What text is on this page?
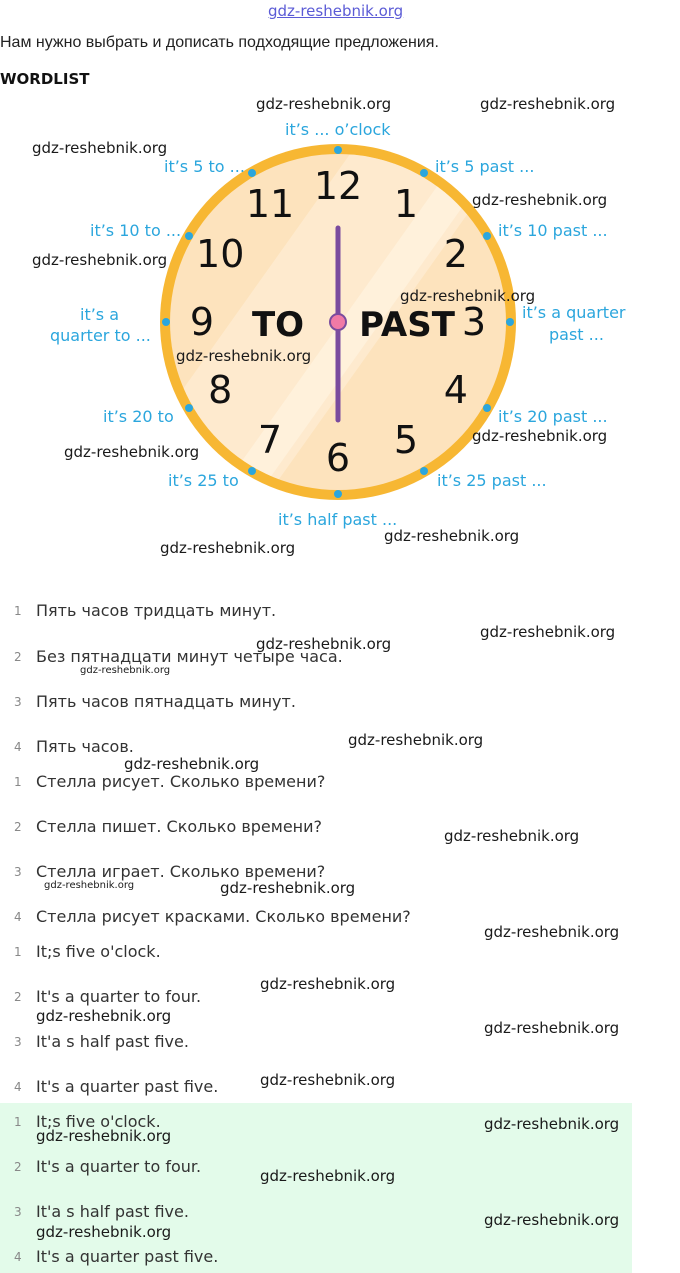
gdz-reshebnik.org
Нам нужно выбрать и дописать подходящие предложения.
WORDLIST
12 1
2
3
4
5
6
7
8
9
10
11
TO PAST
it’s ... o’clock
it’s 5 past ...
it’s 10 past ...
it’s a quarter
past ...
it’s 20 past ...
it’s 25 past ...
it’s half past ...
it’s 25 to
it’s 20 to
it’s a
quarter to ...
it’s 10 to ...
it’s 5 to ...
1 Пять часов тридцать минут.
2 Без пятнадцати минут четыре часа.
3 Пять часов пятнадцать минут.
4 Пять часов.
1 Стелла рисует. Сколько времени?
2 Стелла пишет. Сколько времени?
3 Стелла играет. Сколько времени?
4 Стелла рисует красками. Сколько времени?
1 It;s five o'clock.
2 It's a quarter to four.
3 It'a s half past five.
4 It's a quarter past five.
1 It;s five o'clock.
2 It's a quarter to four.
3 It'a s half past five.
4 It's a quarter past five.
gdz-reshebnik.org	gdz-reshebnik.org
gdz-reshebnik.org
gdz-reshebnik.org
gdz-reshebnik.org
gdz-reshebnik.org
gdz-reshebnik.org
gdz-reshebnik.org
gdz-reshebnik.org
gdz-reshebnik.org
gdz-reshebnik.org
gdz-reshebnik.org
gdz-reshebnik.org
gdz-reshebnik.org
gdz-reshebnik.org
gdz-reshebnik.org
gdz-reshebnik.org
gdz-reshebnik.org	gdz-reshebnik.org
gdz-reshebnik.org
gdz-reshebnik.org
gdz-reshebnik.org
gdz-reshebnik.org
gdz-reshebnik.org
gdz-reshebnik.org
gdz-reshebnik.org
gdz-reshebnik.org
gdz-reshebnik.org
gdz-reshebnik.org
